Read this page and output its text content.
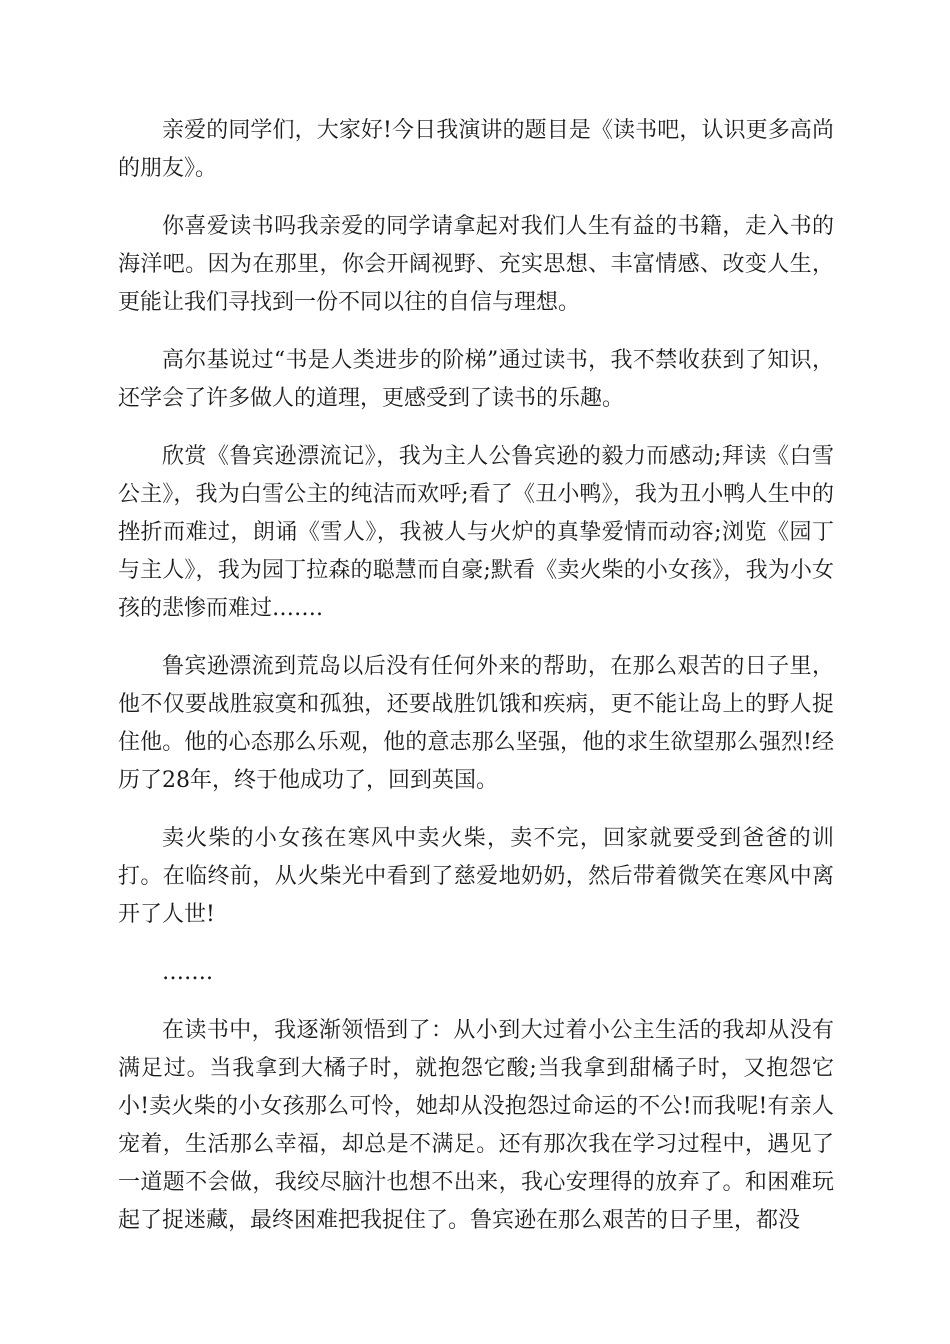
亲爱的同学们，大家好!今日我演讲的题目是《读书吧，认识更多高尚的朋友》。

你喜爱读书吗我亲爱的同学请拿起对我们人生有益的书籍，走入书的海洋吧。因为在那里，你会开阔视野、充实思想、丰富情感、改变人生，更能让我们寻找到一份不同以往的自信与理想。

高尔基说过“书是人类进步的阶梯”通过读书，我不禁收获到了知识，还学会了许多做人的道理，更感受到了读书的乐趣。

欣赏《鲁宾逊漂流记》，我为主人公鲁宾逊的毅力而感动;拜读《白雪公主》，我为白雪公主的纯洁而欢呼;看了《丑小鸭》，我为丑小鸭人生中的挫折而难过，朗诵《雪人》，我被人与火炉的真挚爱情而动容;浏览《园丁与主人》，我为园丁拉森的聪慧而自豪;默看《卖火柴的小女孩》，我为小女孩的悲惨而难过…….

鲁宾逊漂流到荒岛以后没有任何外来的帮助，在那么艰苦的日子里，他不仅要战胜寂寞和孤独，还要战胜饥饿和疾病，更不能让岛上的野人捉住他。他的心态那么乐观，他的意志那么坚强，他的求生欲望那么强烈!经历了28年，终于他成功了，回到英国。

卖火柴的小女孩在寒风中卖火柴，卖不完，回家就要受到爸爸的训打。在临终前，从火柴光中看到了慈爱地奶奶，然后带着微笑在寒风中离开了人世!

…….

在读书中，我逐渐领悟到了：从小到大过着小公主生活的我却从没有满足过。当我拿到大橘子时，就抱怨它酸;当我拿到甜橘子时，又抱怨它小!卖火柴的小女孩那么可怜，她却从没抱怨过命运的不公!而我呢!有亲人宠着，生活那么幸福，却总是不满足。还有那次我在学习过程中，遇见了一道题不会做，我绞尽脑汁也想不出来，我心安理得的放弃了。和困难玩起了捉迷藏，最终困难把我捉住了。鲁宾逊在那么艰苦的日子里，都没
